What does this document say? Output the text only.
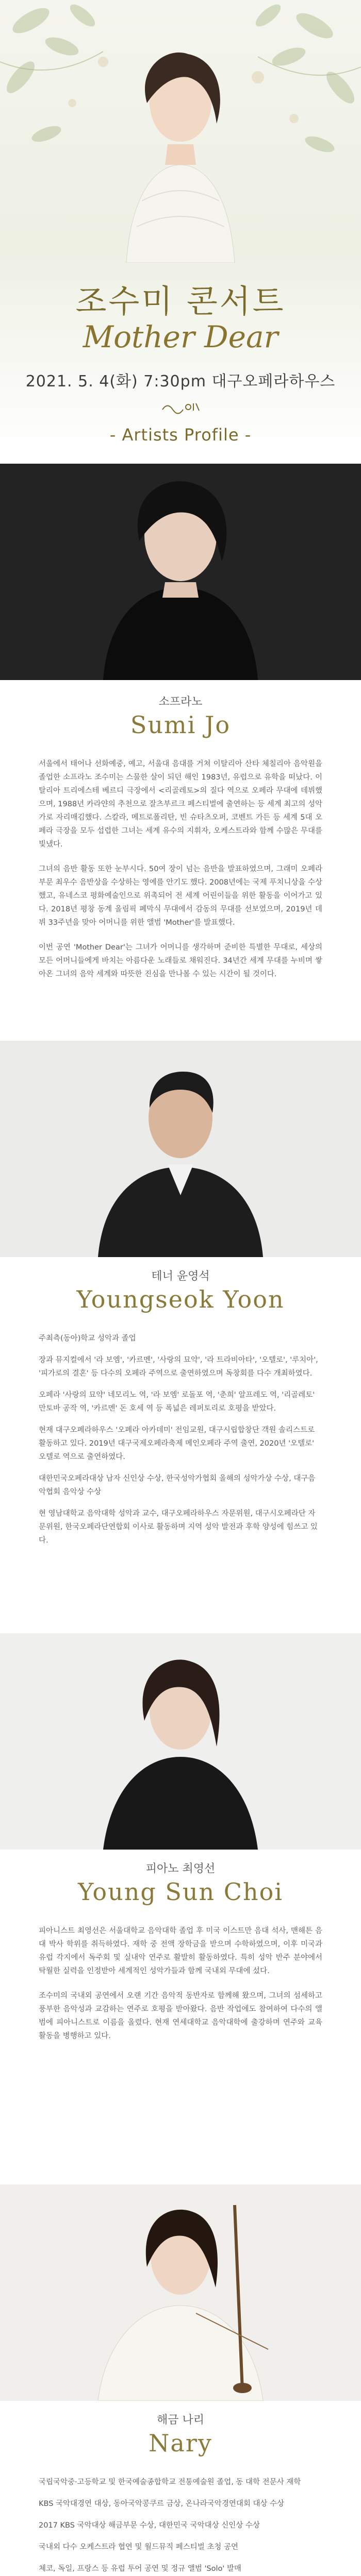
조수미 콘서트
Mother Dear
2021. 5. 4(화) 7:30pm 대구오페라하우스
- Artists Profile -
소프라노
Sumi Jo

서울에서 태어나 선화예중, 예고, 서울대 음대를 거쳐 이탈리아 산타 체칠리아 음악원을 졸업한 소프라노 조수미는 스물한 살이 되던 해인 1983년, 유럽으로 유학을 떠났다. 이탈리아 트리에스테 베르디 극장에서 <리골레토>의 질다 역으로 오페라 무대에 데뷔했으며, 1988년 카라얀의 추천으로 잘츠부르크 페스티벌에 출연하는 등 세계 최고의 성악가로 자리매김했다. 스칼라, 메트로폴리탄, 빈 슈타츠오퍼, 코벤트 가든 등 세계 5대 오페라 극장을 모두 섭렵한 그녀는 세계 유수의 지휘자, 오케스트라와 함께 수많은 무대를 빛냈다.

그녀의 음반 활동 또한 눈부시다. 50여 장이 넘는 음반을 발표하였으며, 그래미 오페라 부문 최우수 음반상을 수상하는 영예를 안기도 했다. 2008년에는 국제 푸치니상을 수상했고, 유네스코 평화예술인으로 위촉되어 전 세계 어린이들을 위한 활동을 이어가고 있다. 2018년 평창 동계 올림픽 폐막식 무대에서 감동의 무대를 선보였으며, 2019년 데뷔 33주년을 맞아 어머니를 위한 앨범 'Mother'를 발표했다.

이번 공연 'Mother Dear'는 그녀가 어머니를 생각하며 준비한 특별한 무대로, 세상의 모든 어머니들에게 바치는 아름다운 노래들로 채워진다. 34년간 세계 무대를 누비며 쌓아온 그녀의 음악 세계와 따뜻한 진심을 만나볼 수 있는 시간이 될 것이다.

테너 윤영석
Youngseok Yoon

주최측(동아)학교 성악과 졸업

장과 뮤지컬에서 '라 보엠', '카르멘', '사랑의 묘약', '라 트라비아타', '오텔로', '루치아', '피가로의 결혼' 등 다수의 오페라 주역으로 출연하였으며 독창회를 다수 개최하였다.

오페라 '사랑의 묘약' 네모리노 역, '라 보엠' 로돌포 역, '춘희' 알프레도 역, '리골레토' 만토바 공작 역, '카르멘' 돈 호세 역 등 폭넓은 레퍼토리로 호평을 받았다.

현재 대구오페라하우스 '오페라 아카데미' 전임교원, 대구시립합창단 객원 솔리스트로 활동하고 있다. 2019년 대구국제오페라축제 메인오페라 주역 출연, 2020년 '오텔로' 오텔로 역으로 출연하였다.

대한민국오페라대상 남자 신인상 수상, 한국성악가협회 올해의 성악가상 수상, 대구음악협회 음악상 수상

현 영남대학교 음악대학 성악과 교수, 대구오페라하우스 자문위원, 대구시오페라단 자문위원, 한국오페라단연합회 이사로 활동하며 지역 성악 발전과 후학 양성에 힘쓰고 있다.

피아노 최영선
Young Sun Choi

피아니스트 최영선은 서울대학교 음악대학 졸업 후 미국 이스트만 음대 석사, 맨해튼 음대 박사 학위를 취득하였다. 재학 중 전액 장학금을 받으며 수학하였으며, 이후 미국과 유럽 각지에서 독주회 및 실내악 연주로 활발히 활동하였다. 특히 성악 반주 분야에서 탁월한 실력을 인정받아 세계적인 성악가들과 함께 국내외 무대에 섰다.

조수미의 국내외 공연에서 오랜 기간 음악적 동반자로 함께해 왔으며, 그녀의 섬세하고 풍부한 음악성과 교감하는 연주로 호평을 받아왔다. 음반 작업에도 참여하여 다수의 앨범에 피아니스트로 이름을 올렸다. 현재 연세대학교 음악대학에 출강하며 연주와 교육 활동을 병행하고 있다.

해금 나리
Nary

국립국악중·고등학교 및 한국예술종합학교 전통예술원 졸업, 동 대학 전문사 재학

KBS 국악대경연 대상, 동아국악콩쿠르 금상, 온나라국악경연대회 대상 수상

2017 KBS 국악대상 해금부문 수상, 대한민국 국악대상 신인상 수상

국내외 다수 오케스트라 협연 및 월드뮤직 페스티벌 초청 공연

체코, 독일, 프랑스 등 유럽 투어 공연 및 정규 앨범 'Solo' 발매
